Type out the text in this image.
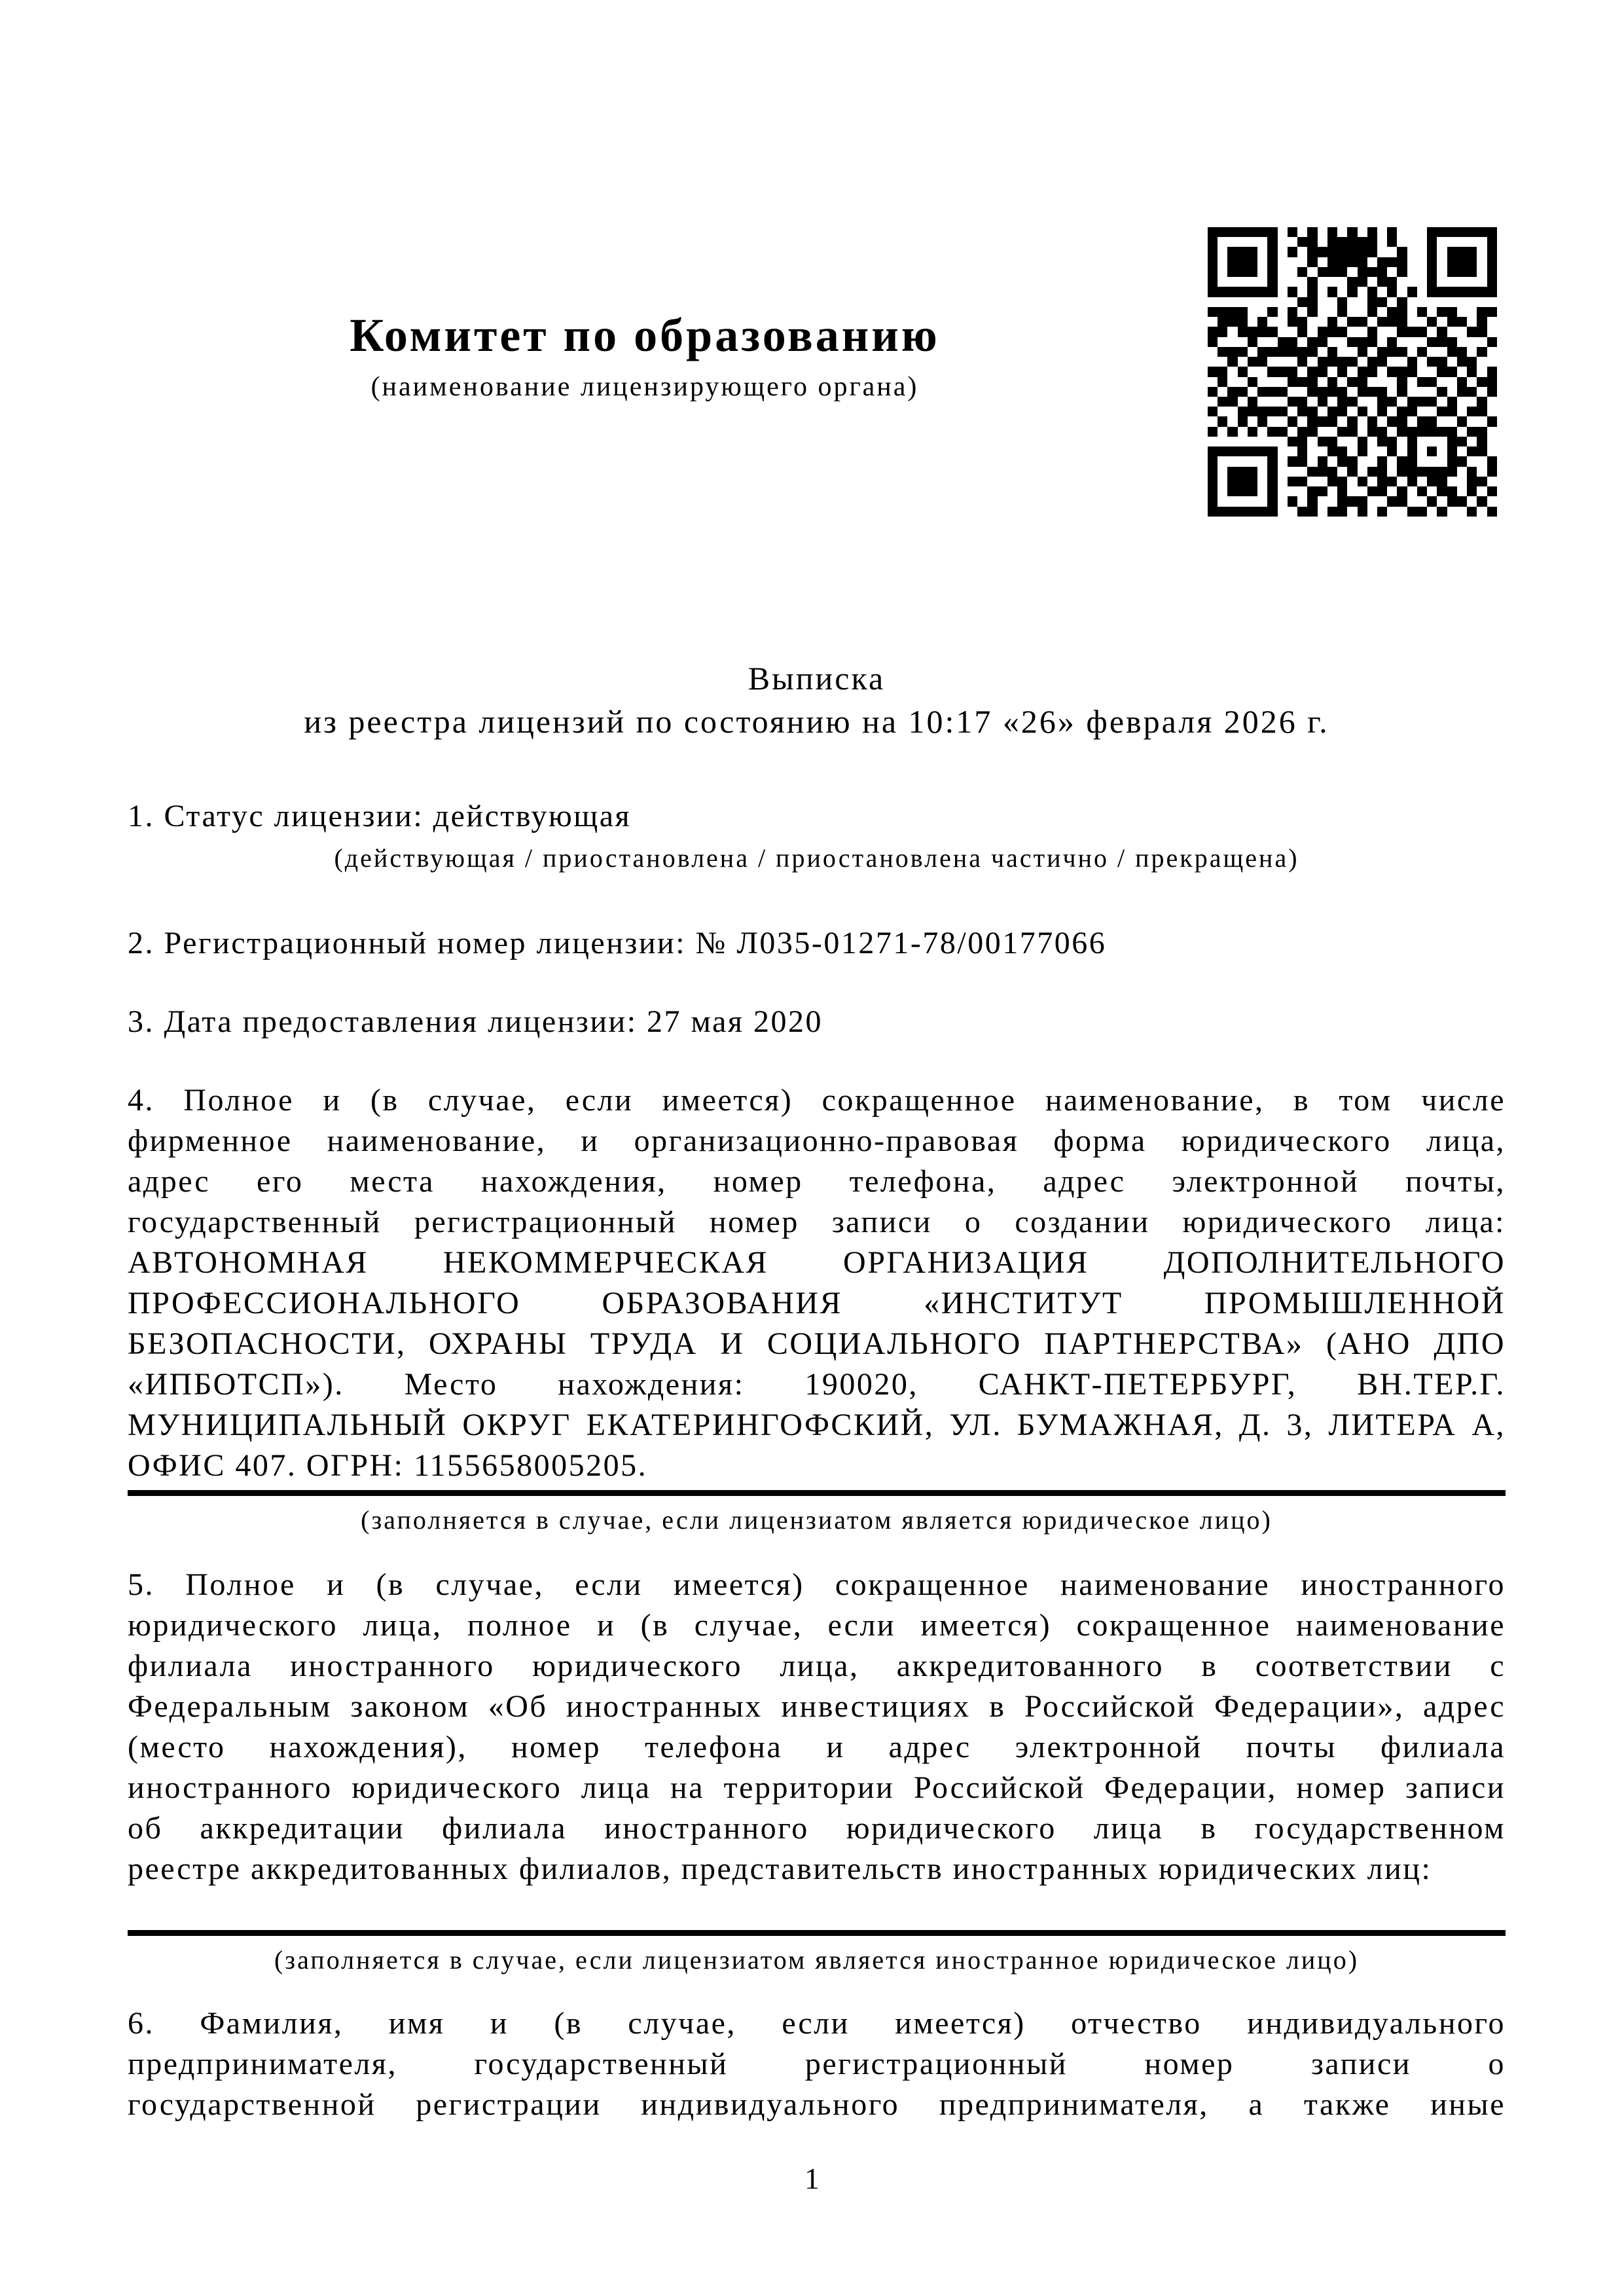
Комитет по образованию
(наименование лицензирующего органа)
Выписка
из реестра лицензий по состоянию на 10:17 «26» февраля 2026 г.
1. Статус лицензии: действующая
(действующая / приостановлена / приостановлена частично / прекращена)
2. Регистрационный номер лицензии: № Л035-01271-78/00177066
3. Дата предоставления лицензии: 27 мая 2020
4. Полное и (в случае, если имеется) сокращенное наименование, в том числе
фирменное наименование, и организационно-правовая форма юридического лица,
адрес его места нахождения, номер телефона, адрес электронной почты,
государственный регистрационный номер записи о создании юридического лица:
АВТОНОМНАЯ НЕКОММЕРЧЕСКАЯ ОРГАНИЗАЦИЯ ДОПОЛНИТЕЛЬНОГО
ПРОФЕССИОНАЛЬНОГО ОБРАЗОВАНИЯ «ИНСТИТУТ ПРОМЫШЛЕННОЙ
БЕЗОПАСНОСТИ, ОХРАНЫ ТРУДА И СОЦИАЛЬНОГО ПАРТНЕРСТВА» (АНО ДПО
«ИПБОТСП»). Место нахождения: 190020, САНКТ-ПЕТЕРБУРГ, ВН.ТЕР.Г.
МУНИЦИПАЛЬНЫЙ ОКРУГ ЕКАТЕРИНГОФСКИЙ, УЛ. БУМАЖНАЯ, Д. 3, ЛИТЕРА А,
ОФИС 407. ОГРН: 1155658005205.
(заполняется в случае, если лицензиатом является юридическое лицо)
5. Полное и (в случае, если имеется) сокращенное наименование иностранного
юридического лица, полное и (в случае, если имеется) сокращенное наименование
филиала иностранного юридического лица, аккредитованного в соответствии с
Федеральным законом «Об иностранных инвестициях в Российской Федерации», адрес
(место нахождения), номер телефона и адрес электронной почты филиала
иностранного юридического лица на территории Российской Федерации, номер записи
об аккредитации филиала иностранного юридического лица в государственном
реестре аккредитованных филиалов, представительств иностранных юридических лиц:
(заполняется в случае, если лицензиатом является иностранное юридическое лицо)
6. Фамилия, имя и (в случае, если имеется) отчество индивидуального
предпринимателя, государственный регистрационный номер записи о
государственной регистрации индивидуального предпринимателя, а также иные
1
